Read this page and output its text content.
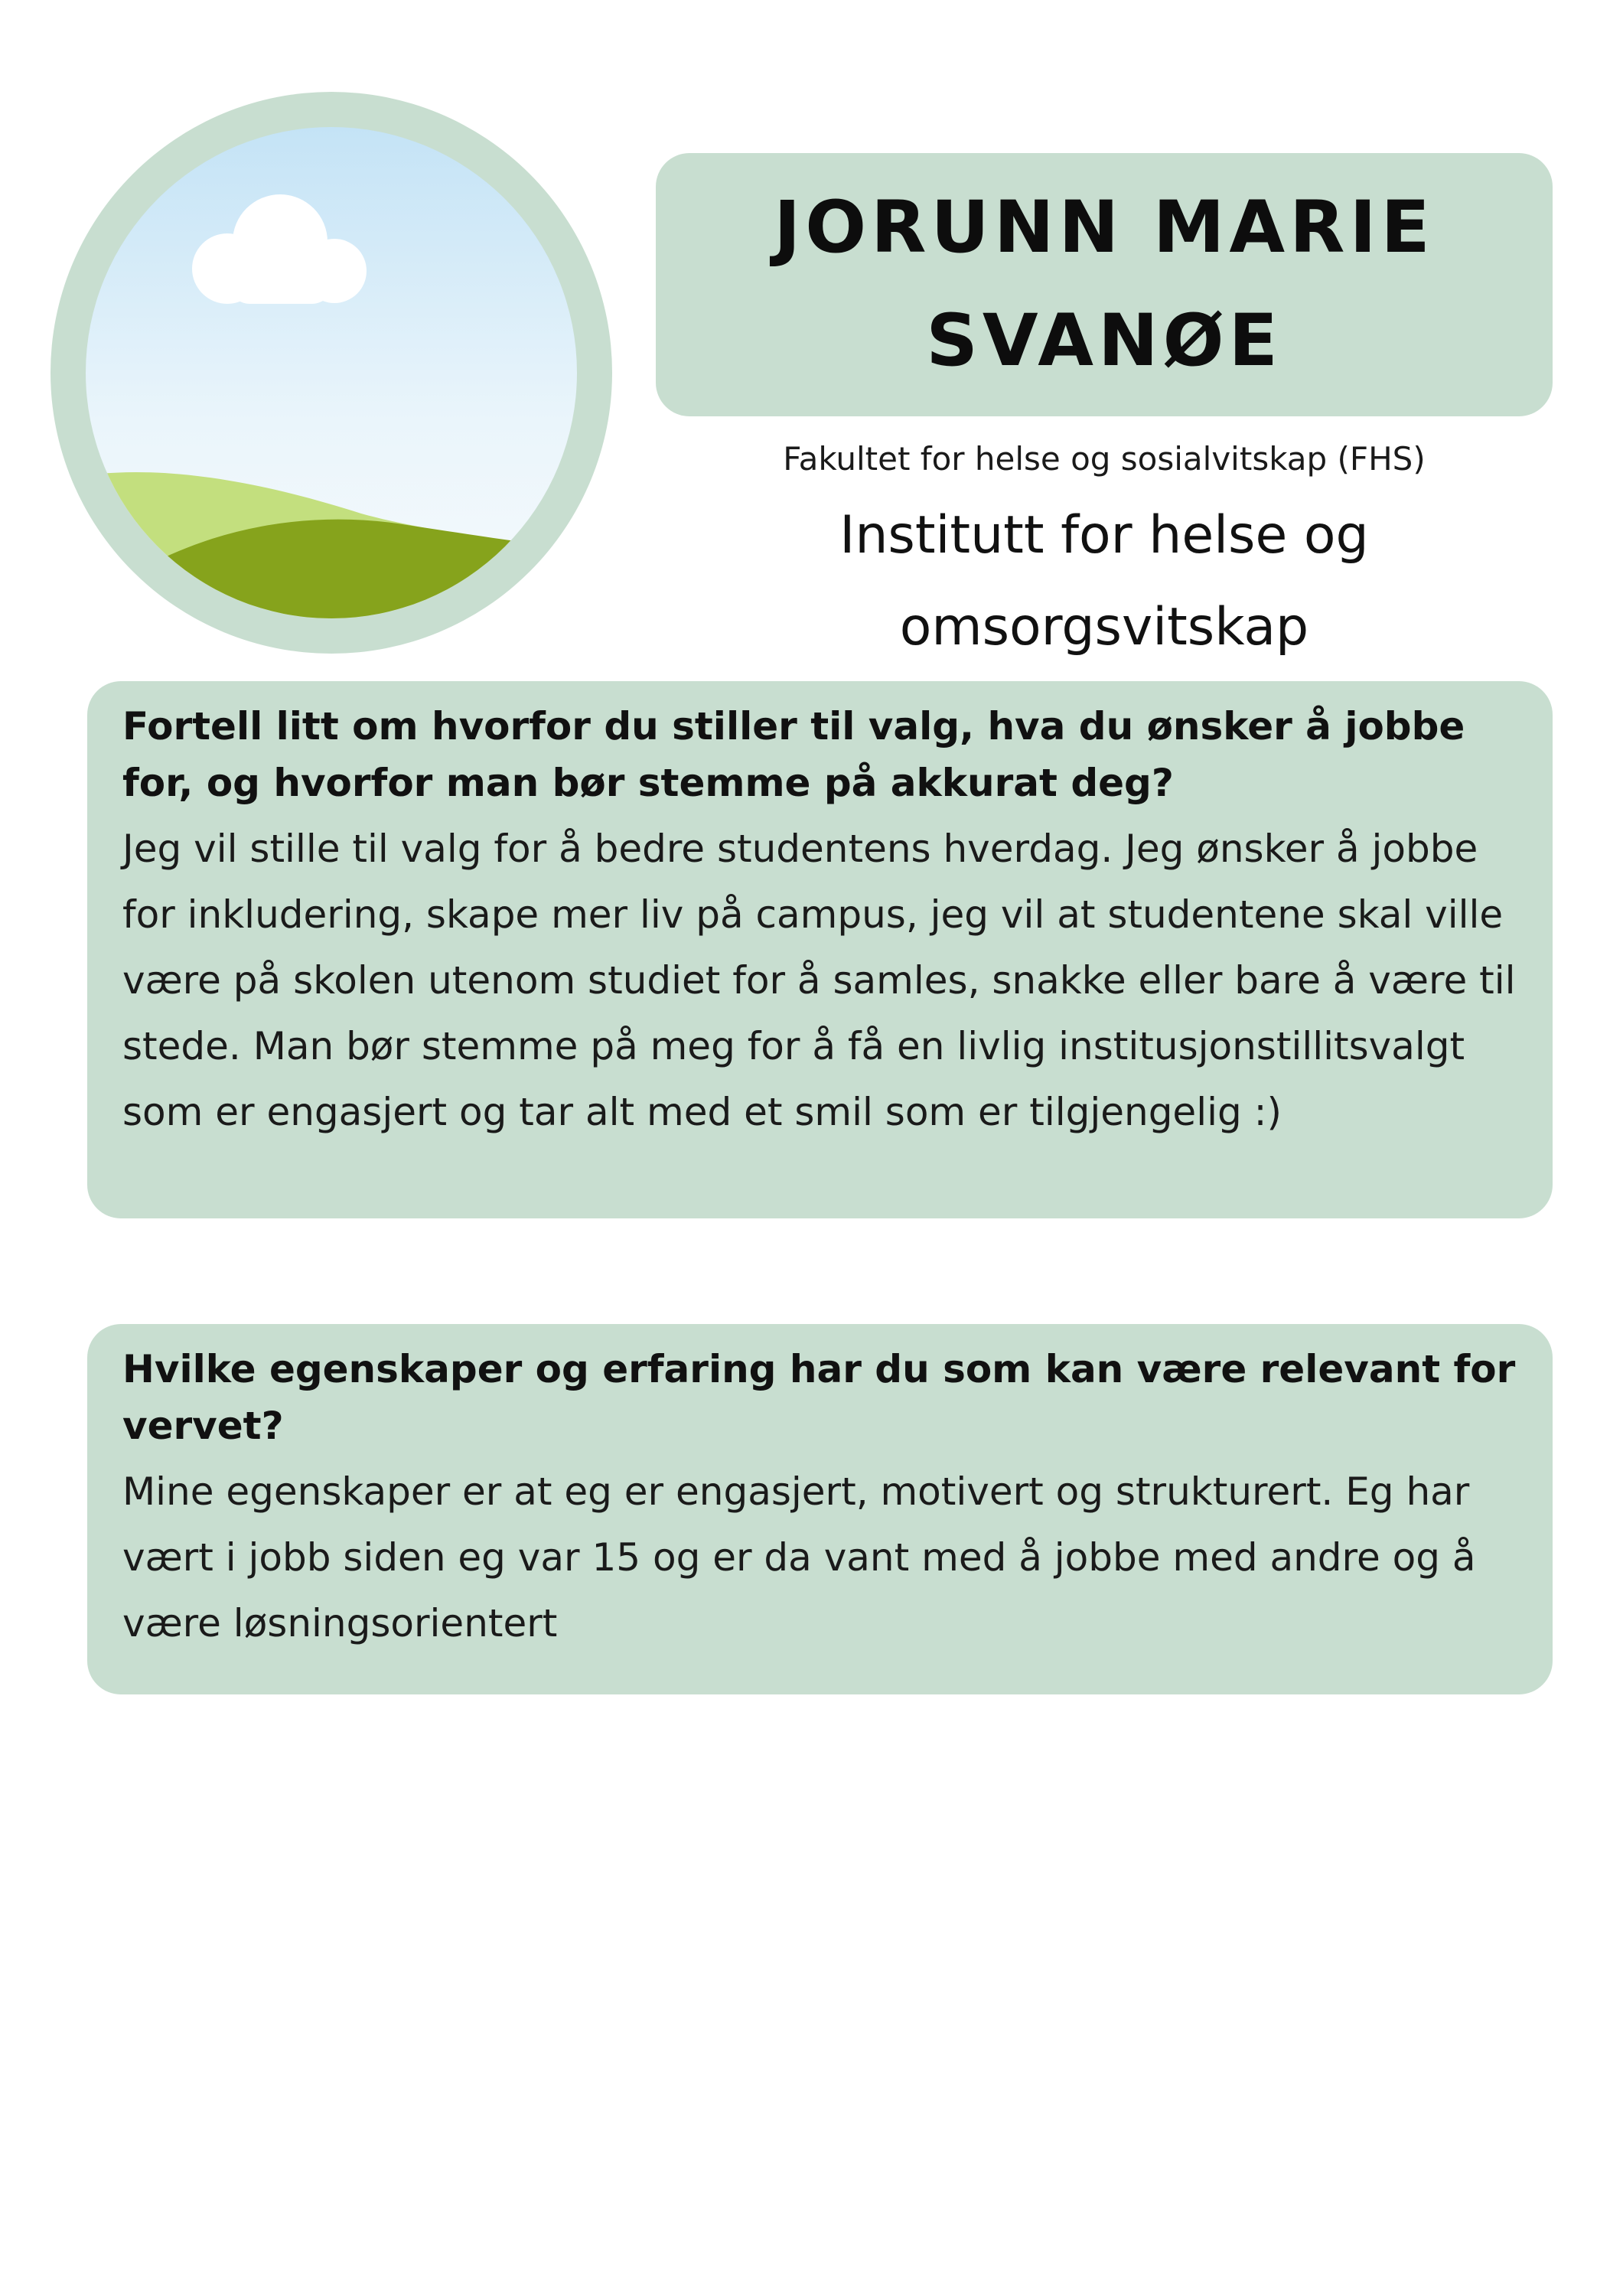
JORUNN MARIE
SVANØE
Fakultet for helse og sosialvitskap (FHS)
Institutt for helse og
omsorgsvitskap

Fortell litt om hvorfor du stiller til valg, hva du ønsker å jobbe for, og hvorfor man bør stemme på akkurat deg?

Jeg vil stille til valg for å bedre studentens hverdag. Jeg ønsker å jobbe for inkludering, skape mer liv på campus, jeg vil at studentene skal ville være på skolen utenom studiet for å samles, snakke eller bare å være til stede. Man bør stemme på meg for å få en livlig institusjonstillitsvalgt som er engasjert og tar alt med et smil som er tilgjengelig :)

Hvilke egenskaper og erfaring har du som kan være relevant for vervet?

Mine egenskaper er at eg er engasjert, motivert og strukturert. Eg har vært i jobb siden eg var 15 og er da vant med å jobbe med andre og å være løsningsorientert
